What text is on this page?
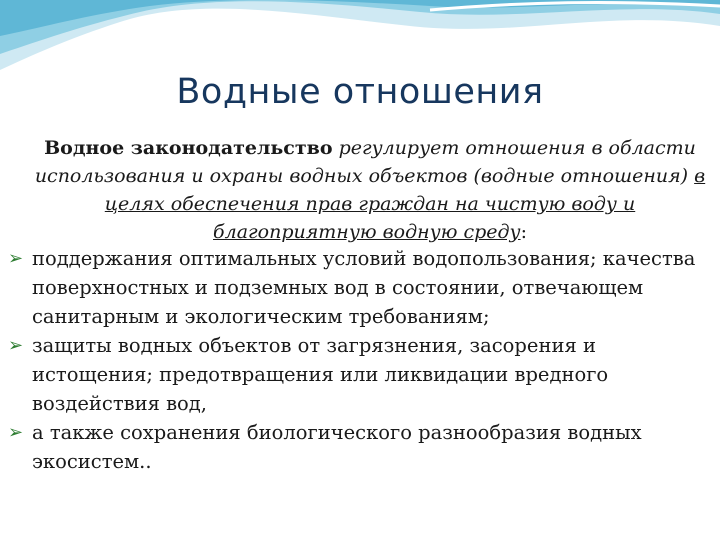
Водные отношения
Водное законодательство регулирует отношения в области использования и охраны водных объектов (водные отношения) в целях обеспечения прав граждан на чистую воду и благоприятную водную среду:
➢ поддержания оптимальных условий водопользования; качества поверхностных и подземных вод в состоянии, отвечающем санитарным и экологическим требованиям;
➢ защиты водных объектов от загрязнения, засорения и истощения; предотвращения или ликвидации вредного воздействия вод,
➢ а также сохранения биологического разнообразия водных экосистем..
